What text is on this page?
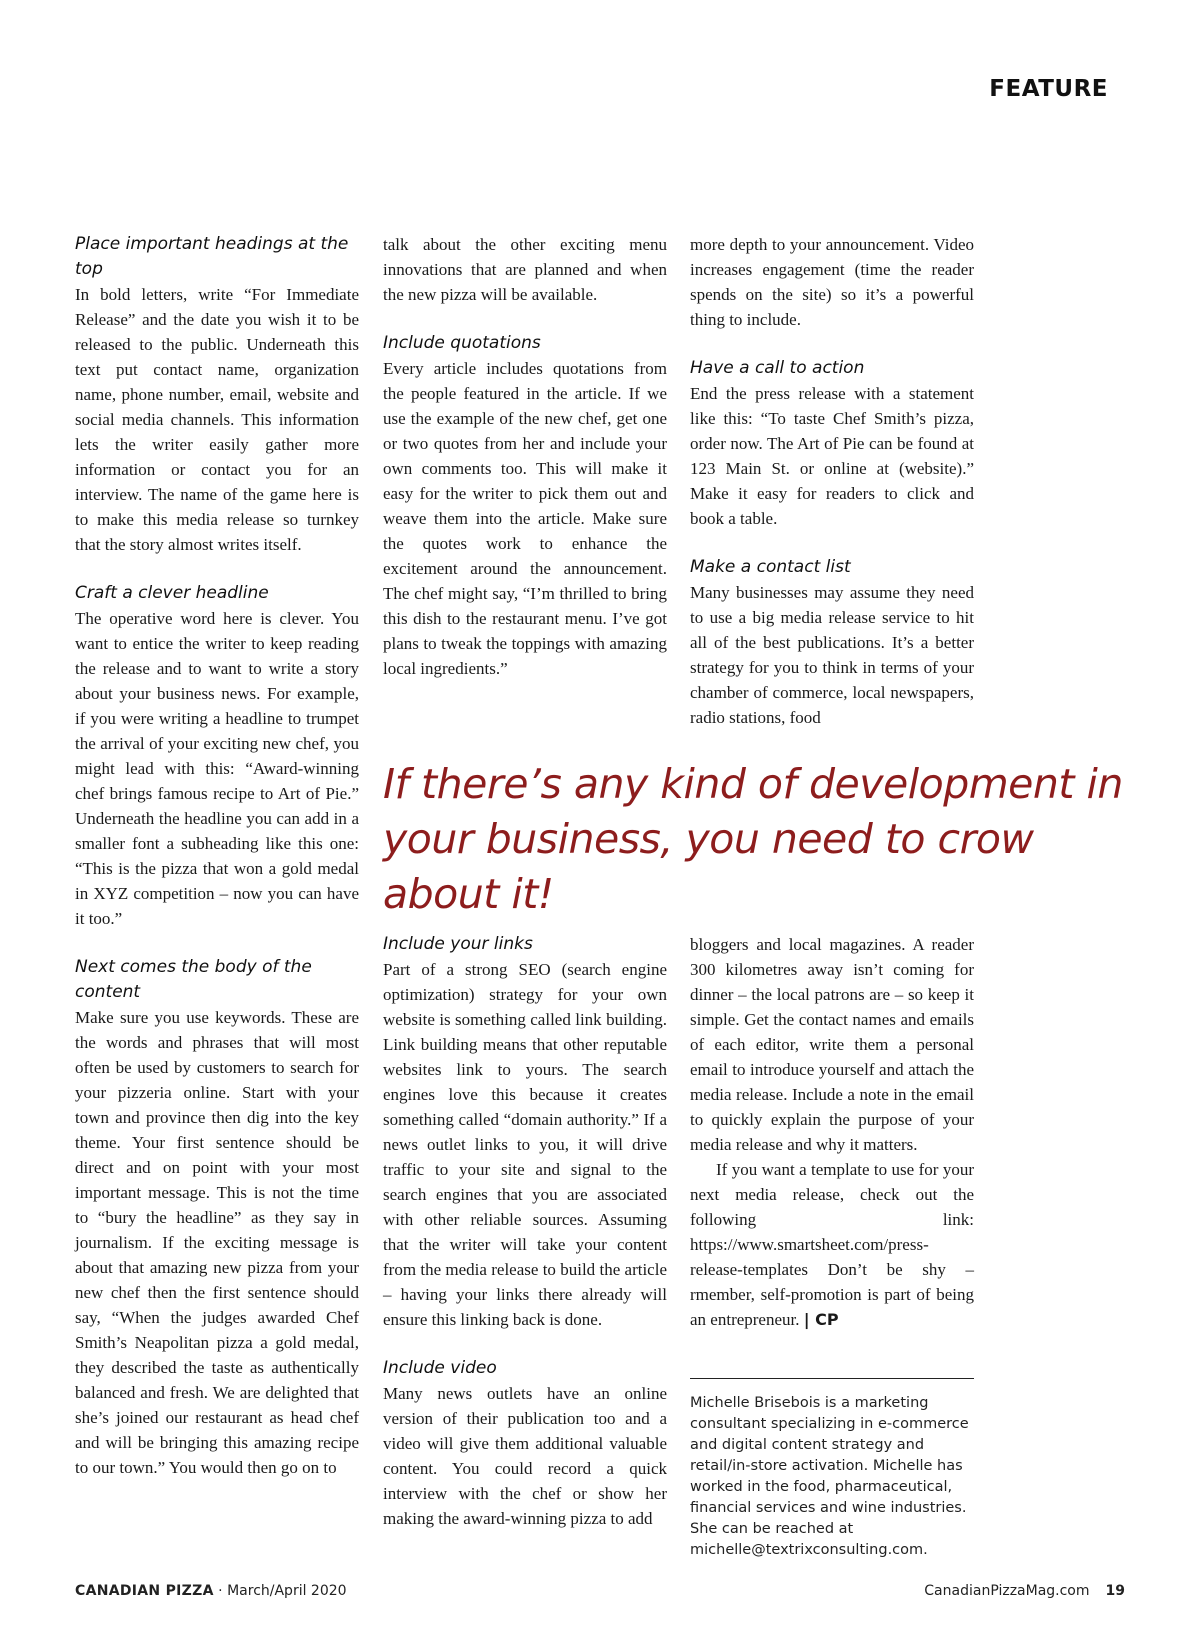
FEATURE
Place important headings at the top

In bold letters, write “For Immediate Release” and the date you wish it to be released to the public. Underneath this text put contact name, organization name, phone number, email, website and social media channels. This information lets the writer easily gather more information or contact you for an interview. The name of the game here is to make this media release so turnkey that the story almost writes itself.

Craft a clever headline

The operative word here is clever. You want to entice the writer to keep reading the release and to want to write a story about your business news. For example, if you were writing a headline to trumpet the arrival of your exciting new chef, you might lead with this: “Award-winning chef brings famous recipe to Art of Pie.” Underneath the headline you can add in a smaller font a subheading like this one: “This is the pizza that won a gold medal in XYZ competition – now you can have it too.”

Next comes the body of the content

Make sure you use keywords. These are the words and phrases that will most often be used by customers to search for your pizzeria online. Start with your town and province then dig into the key theme. Your first sentence should be direct and on point with your most important message. This is not the time to “bury the headline” as they say in journalism. If the exciting message is about that amazing new pizza from your new chef then the first sentence should say, “When the judges awarded Chef Smith’s Neapolitan pizza a gold medal, they described the taste as authentically balanced and fresh. We are delighted that she’s joined our restaurant as head chef and will be bringing this amazing recipe to our town.” You would then go on to

talk about the other exciting menu innovations that are planned and when the new pizza will be available.

Include quotations

Every article includes quotations from the people featured in the article. If we use the example of the new chef, get one or two quotes from her and include your own comments too. This will make it easy for the writer to pick them out and weave them into the article. Make sure the quotes work to enhance the excitement around the announcement. The chef might say, “I’m thrilled to bring this dish to the restaurant menu. I’ve got plans to tweak the toppings with amazing local ingredients.”

more depth to your announcement. Video increases engagement (time the reader spends on the site) so it’s a powerful thing to include.

Have a call to action

End the press release with a statement like this: “To taste Chef Smith’s pizza, order now. The Art of Pie can be found at 123 Main St. or online at (website).” Make it easy for readers to click and book a table.

Make a contact list

Many businesses may assume they need to use a big media release service to hit all of the best publications. It’s a better strategy for you to think in terms of your chamber of commerce, local newspapers, radio stations, food

If there’s any kind of development in your business, you need to crow about it!
Include your links

Part of a strong SEO (search engine optimization) strategy for your own website is something called link building. Link building means that other reputable websites link to yours. The search engines love this because it creates something called “domain authority.” If a news outlet links to you, it will drive traffic to your site and signal to the search engines that you are associated with other reliable sources. Assuming that the writer will take your content from the media release to build the article – having your links there already will ensure this linking back is done.

Include video

Many news outlets have an online version of their publication too and a video will give them additional valuable content. You could record a quick interview with the chef or show her making the award-winning pizza to add

bloggers and local magazines. A reader 300 kilometres away isn’t coming for dinner – the local patrons are – so keep it simple. Get the contact names and emails of each editor, write them a personal email to introduce yourself and attach the media release. Include a note in the email to quickly explain the purpose of your media release and why it matters.

If you want a template to use for your next media release, check out the following link: https://www.smartsheet.com/press-release-templates Don’t be shy – rmember, self-promotion is part of being an entrepreneur. | CP

Michelle Brisebois is a marketing consultant specializing in e-commerce and digital content strategy and retail/in-store activation. Michelle has worked in the food, pharmaceutical, financial services and wine industries. She can be reached at michelle@textrixconsulting.com.
CANADIAN PIZZA · March/April 2020	CanadianPizzaMag.com 19
